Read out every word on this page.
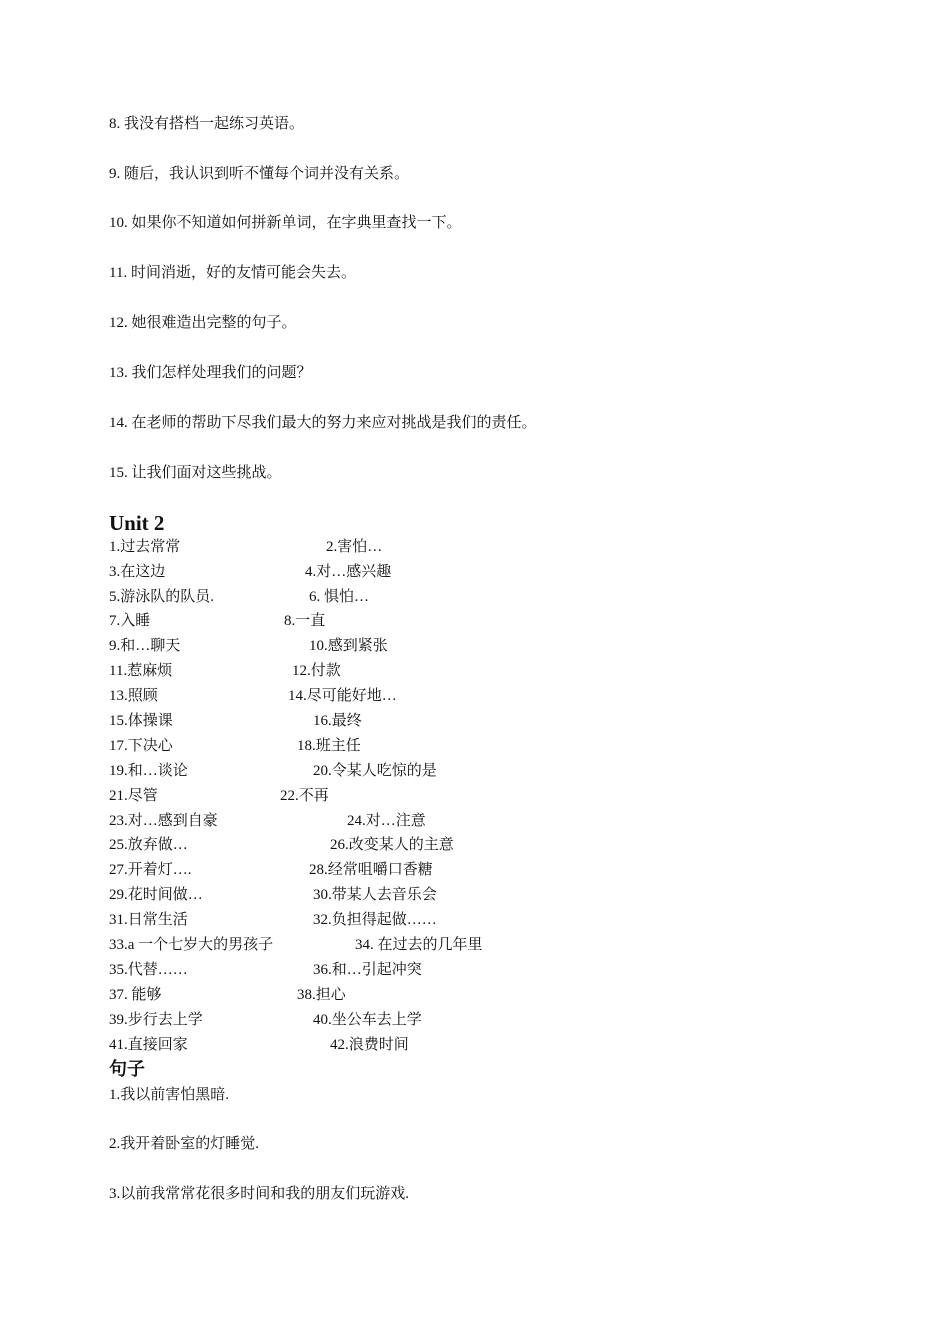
8. 我没有搭档一起练习英语。
9. 随后，我认识到听不懂每个词并没有关系。
10. 如果你不知道如何拼新单词，在字典里查找一下。
11. 时间消逝，好的友情可能会失去。
12. 她很难造出完整的句子。
13. 我们怎样处理我们的问题？
14. 在老师的帮助下尽我们最大的努力来应对挑战是我们的责任。
15. 让我们面对这些挑战。
Unit 2
1.过去常常	2.害怕…
3.在这边	4.对…感兴趣
5.游泳队的队员.	6. 惧怕…
7.入睡	8.一直
9.和…聊天	10.感到紧张
11.惹麻烦	12.付款
13.照顾	14.尽可能好地…
15.体操课	16.最终
17.下决心	18.班主任
19.和…谈论	20.令某人吃惊的是
21.尽管	22.不再
23.对…感到自豪	24.对…注意
25.放弃做…	26.改变某人的主意
27.开着灯….	28.经常咀嚼口香糖
29.花时间做…	30.带某人去音乐会
31.日常生活	32.负担得起做……
33.a 一个七岁大的男孩子	34. 在过去的几年里
35.代替……	36.和…引起冲突
37. 能够	38.担心
39.步行去上学	40.坐公车去上学
41.直接回家	42.浪费时间
句子
1.我以前害怕黑暗.
2.我开着卧室的灯睡觉.
3.以前我常常花很多时间和我的朋友们玩游戏.
